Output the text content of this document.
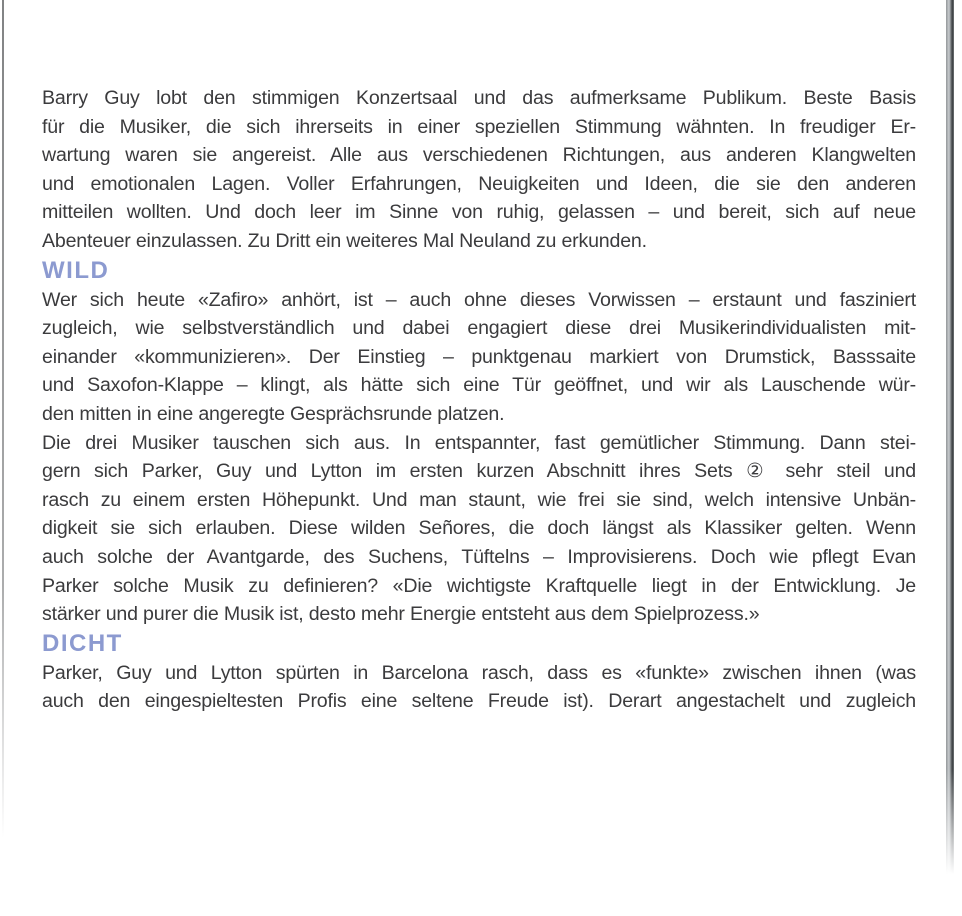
Barry Guy lobt den stimmigen Konzertsaal und das aufmerksame Publikum. Beste Basis
für die Musiker, die sich ihrerseits in einer speziellen Stimmung wähnten. In freudiger Er-
wartung waren sie angereist. Alle aus verschiedenen Richtungen, aus anderen Klangwelten
und emotionalen Lagen. Voller Erfahrungen, Neuigkeiten und Ideen, die sie den anderen
mitteilen wollten. Und doch leer im Sinne von ruhig, gelassen – und bereit, sich auf neue
Abenteuer einzulassen. Zu Dritt ein weiteres Mal Neuland zu erkunden.

WILD

Wer sich heute «Zafiro» anhört, ist – auch ohne dieses Vorwissen – erstaunt und fasziniert
zugleich, wie selbstverständlich und dabei engagiert diese drei Musikerindividualisten mit-
einander «kommunizieren». Der Einstieg – punktgenau markiert von Drumstick, Basssaite
und Saxofon-Klappe – klingt, als hätte sich eine Tür geöffnet, und wir als Lauschende wür-
den mitten in eine angeregte Gesprächsrunde platzen.

Die drei Musiker tauschen sich aus. In entspannter, fast gemütlicher Stimmung. Dann stei-
gern sich Parker, Guy und Lytton im ersten kurzen Abschnitt ihres Sets ② sehr steil und
rasch zu einem ersten Höhepunkt. Und man staunt, wie frei sie sind, welch intensive Unbän-
digkeit sie sich erlauben. Diese wilden Señores, die doch längst als Klassiker gelten. Wenn
auch solche der Avantgarde, des Suchens, Tüftelns – Improvisierens. Doch wie pflegt Evan
Parker solche Musik zu definieren? «Die wichtigste Kraftquelle liegt in der Entwicklung. Je
stärker und purer die Musik ist, desto mehr Energie entsteht aus dem Spielprozess.»

DICHT

Parker, Guy und Lytton spürten in Barcelona rasch, dass es «funkte» zwischen ihnen (was
auch den eingespieltesten Profis eine seltene Freude ist). Derart angestachelt und zugleich
